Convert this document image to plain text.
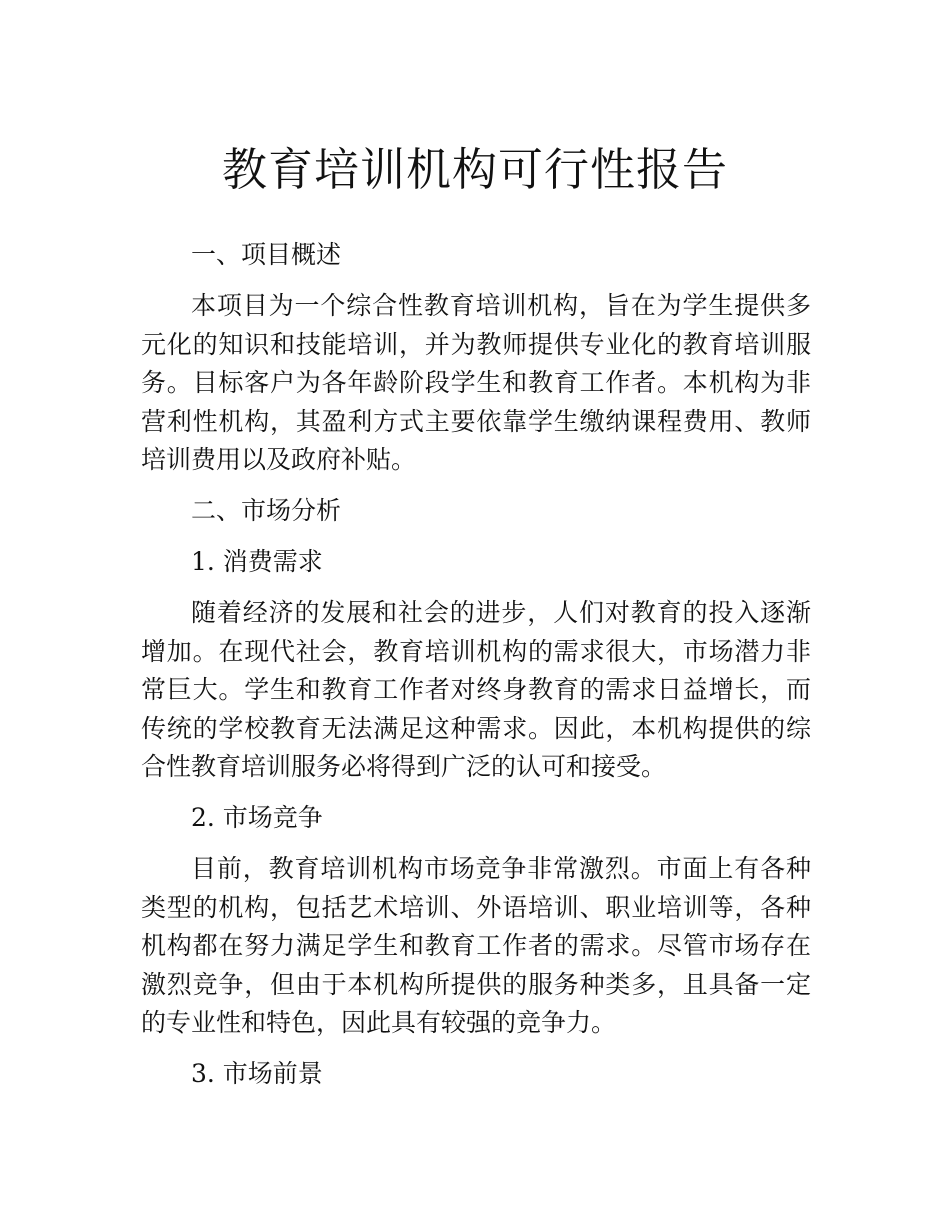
教育培训机构可行性报告

一、项目概述

本项目为一个综合性教育培训机构，旨在为学生提供多元化的知识和技能培训，并为教师提供专业化的教育培训服务。目标客户为各年龄阶段学生和教育工作者。本机构为非营利性机构，其盈利方式主要依靠学生缴纳课程费用、教师培训费用以及政府补贴。

二、市场分析

1. 消费需求

随着经济的发展和社会的进步，人们对教育的投入逐渐增加。在现代社会，教育培训机构的需求很大，市场潜力非常巨大。学生和教育工作者对终身教育的需求日益增长，而传统的学校教育无法满足这种需求。因此，本机构提供的综合性教育培训服务必将得到广泛的认可和接受。

2. 市场竞争

目前，教育培训机构市场竞争非常激烈。市面上有各种类型的机构，包括艺术培训、外语培训、职业培训等，各种机构都在努力满足学生和教育工作者的需求。尽管市场存在激烈竞争，但由于本机构所提供的服务种类多，且具备一定的专业性和特色，因此具有较强的竞争力。

3. 市场前景
